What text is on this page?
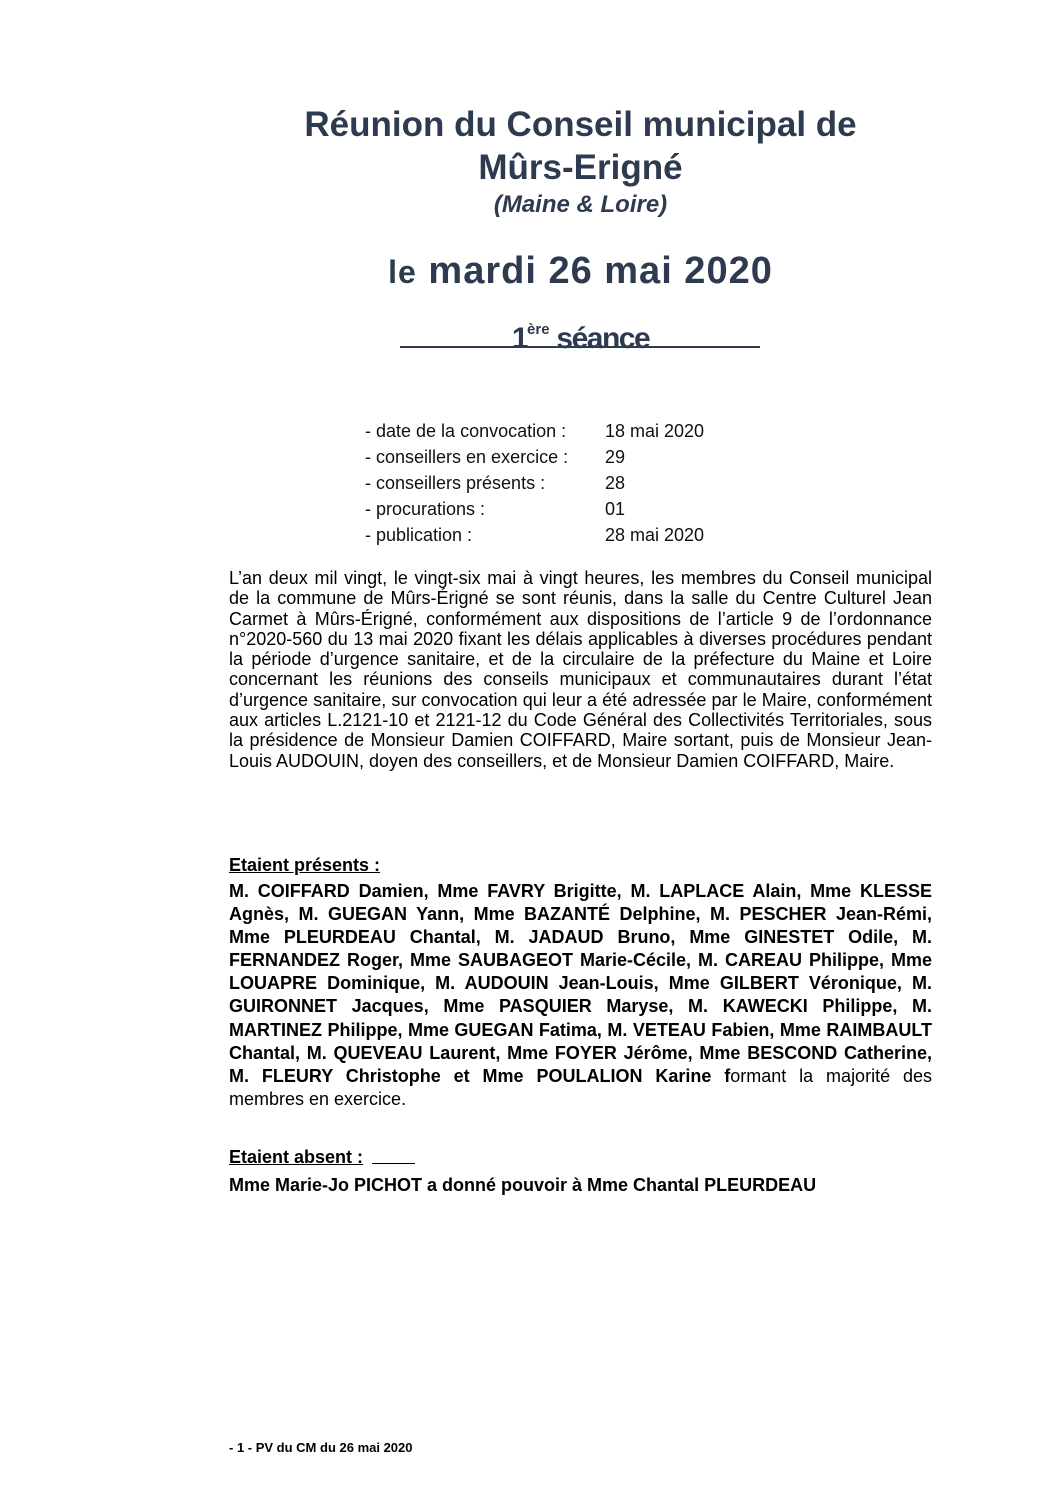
Réunion du Conseil municipal de
Mûrs-Erigné
(Maine & Loire)
le mardi 26 mai 2020
1ère séance
- date de la convocation : 18 mai 2020
- conseillers en exercice : 29
- conseillers présents :	28
- procurations :	01
- publication :	28 mai 2020

L’an deux mil vingt, le vingt-six mai à vingt heures, les membres du Conseil municipal de la commune de Mûrs-Érigné se sont réunis, dans la salle du Centre Culturel Jean Carmet à Mûrs-Érigné, conformément aux dispositions de l’article 9 de l’ordonnance n°2020-560 du 13 mai 2020 fixant les délais applicables à diverses procédures pendant la période d’urgence sanitaire, et de la circulaire de la préfecture du Maine et Loire concernant les réunions des conseils municipaux et communautaires durant l’état d’urgence sanitaire, sur convocation qui leur a été adressée par le Maire, conformément aux articles L.2121-10 et 2121-12 du Code Général des Collectivités Territoriales, sous la présidence de Monsieur Damien COIFFARD, Maire sortant, puis de Monsieur Jean-Louis AUDOUIN, doyen des conseillers, et de Monsieur Damien COIFFARD, Maire.

Etaient présents :

M. COIFFARD Damien, Mme FAVRY Brigitte, M. LAPLACE Alain, Mme KLESSE Agnès, M. GUEGAN Yann, Mme BAZANTÉ Delphine, M. PESCHER Jean-Rémi, Mme PLEURDEAU Chantal, M. JADAUD Bruno, Mme GINESTET Odile, M. FERNANDEZ Roger, Mme SAUBAGEOT Marie-Cécile, M. CAREAU Philippe, Mme LOUAPRE Dominique, M. AUDOUIN Jean-Louis, Mme GILBERT Véronique, M. GUIRONNET Jacques, Mme PASQUIER Maryse, M. KAWECKI Philippe, M. MARTINEZ Philippe, Mme GUEGAN Fatima, M. VETEAU Fabien, Mme RAIMBAULT Chantal, M. QUEVEAU Laurent, Mme FOYER Jérôme, Mme BESCOND Catherine, M. FLEURY Christophe et Mme POULALION Karine formant la majorité des membres en exercice.

Etaient absent :
Mme Marie-Jo PICHOT a donné pouvoir à Mme Chantal PLEURDEAU
- 1 - PV du CM du 26 mai 2020
